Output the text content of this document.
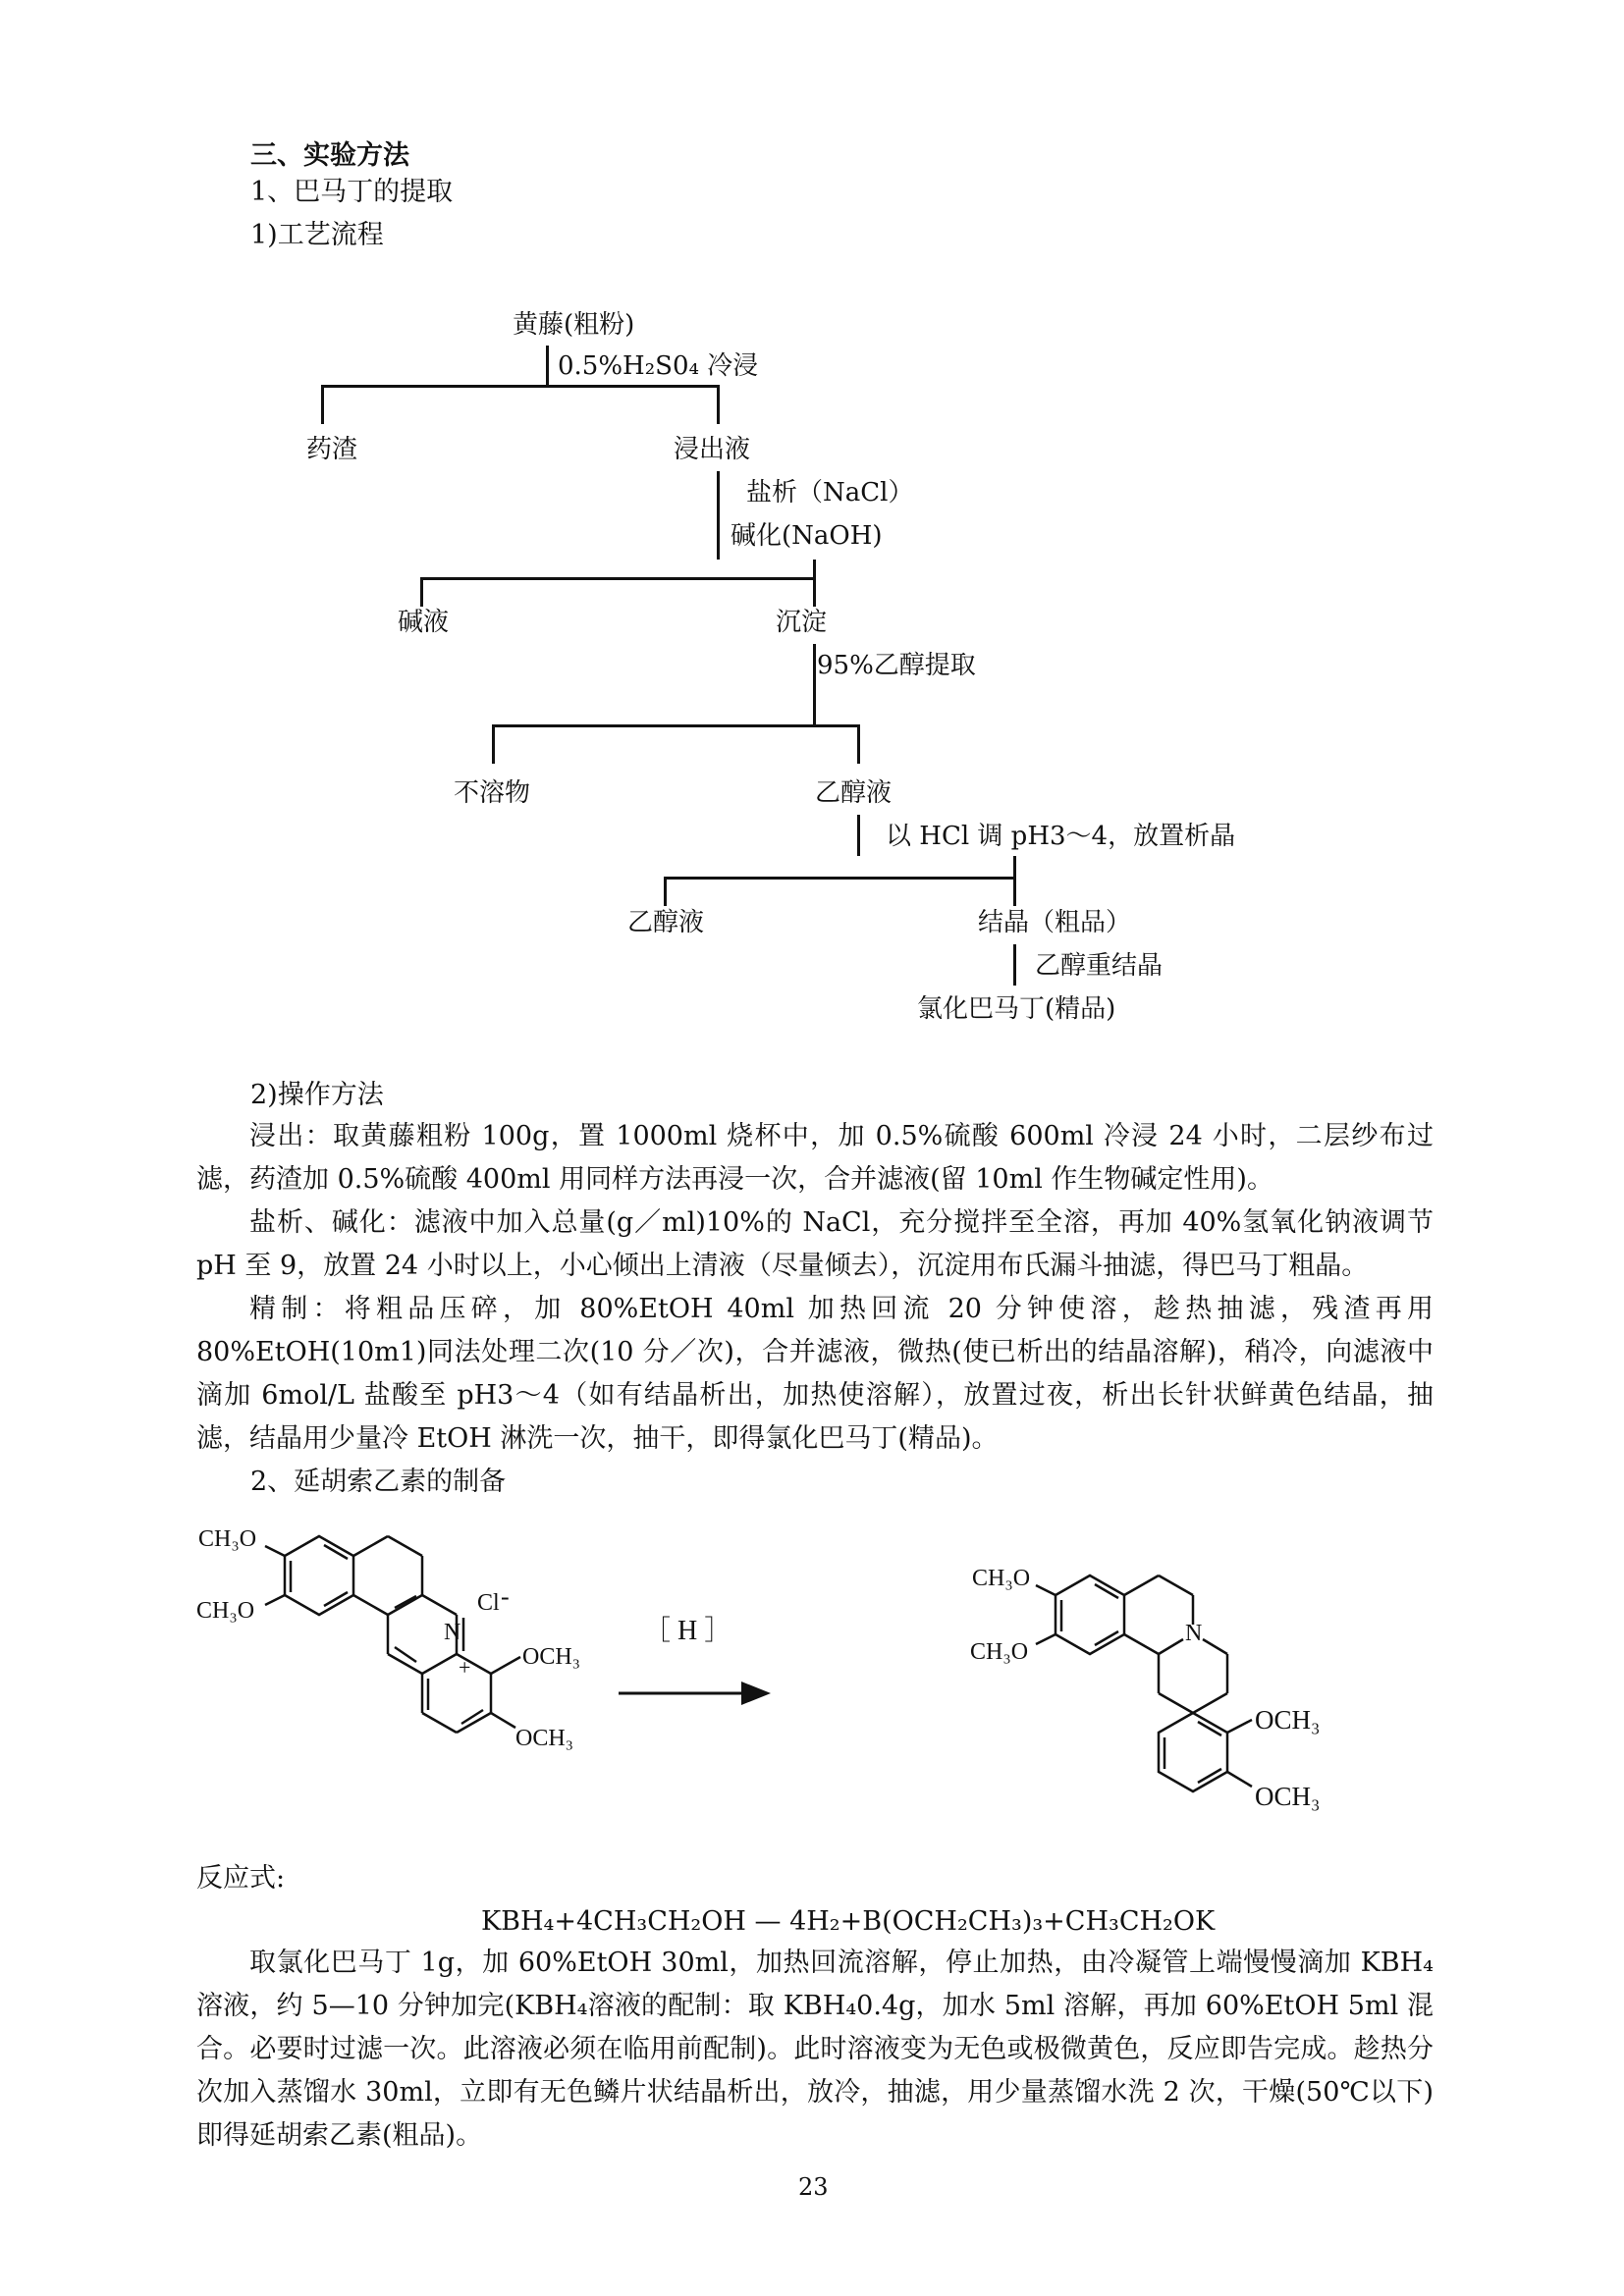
三、实验方法
1、巴马丁的提取
1)工艺流程
黄藤(粗粉)
0.5%H₂S0₄ 冷浸
药渣	浸出液
盐析（NaCl）
碱化(NaOH)
碱液	沉淀
95%乙醇提取
不溶物	乙醇液
以 HCl 调 pH3～4，放置析晶
乙醇液	结晶（粗品）
乙醇重结晶
氯化巴马丁(精品)
2)操作方法

浸出：取黄藤粗粉 100g，置 1000ml 烧杯中，加 0.5%硫酸 600ml 冷浸 24 小时，二层纱布过滤，药渣加 0.5%硫酸 400ml 用同样方法再浸一次，合并滤液(留 10ml 作生物碱定性用)。

盐析、碱化：滤液中加入总量(g／ml)10%的 NaCl，充分搅拌至全溶，再加 40%氢氧化钠液调节 pH 至 9，放置 24 小时以上，小心倾出上清液（尽量倾去），沉淀用布氏漏斗抽滤，得巴马丁粗晶。

精制：将粗品压碎，加 80%EtOH 40ml 加热回流 20 分钟使溶，趁热抽滤，残渣再用 80%EtOH(10m1)同法处理二次(10 分／次)，合并滤液，微热(使已析出的结晶溶解)，稍冷，向滤液中滴加 6mol/L 盐酸至 pH3～4（如有结晶析出，加热使溶解），放置过夜，析出长针状鲜黄色结晶，抽滤，结晶用少量冷 EtOH 淋洗一次，抽干，即得氯化巴马丁(精品)。

2、延胡索乙素的制备
CH₃O
CH₃O
+
N
Cl -
OCH₃
OCH₃
［ H ］
CH₃O
CH₃O
N
OCH₃
OCH₃
反应式:
KBH₄+4CH₃CH₂OH — 4H₂+B(OCH₂CH₃)₃+CH₃CH₂OK

取氯化巴马丁 1g，加 60%EtOH 30ml，加热回流溶解，停止加热，由冷凝管上端慢慢滴加 KBH₄ 溶液，约 5—10 分钟加完(KBH₄溶液的配制：取 KBH₄0.4g，加水 5ml 溶解，再加 60%EtOH 5ml 混合。必要时过滤一次。此溶液必须在临用前配制)。此时溶液变为无色或极微黄色，反应即告完成。趁热分次加入蒸馏水 30ml，立即有无色鳞片状结晶析出，放冷，抽滤，用少量蒸馏水洗 2 次，干燥(50℃以下)即得延胡索乙素(粗品)。

23
